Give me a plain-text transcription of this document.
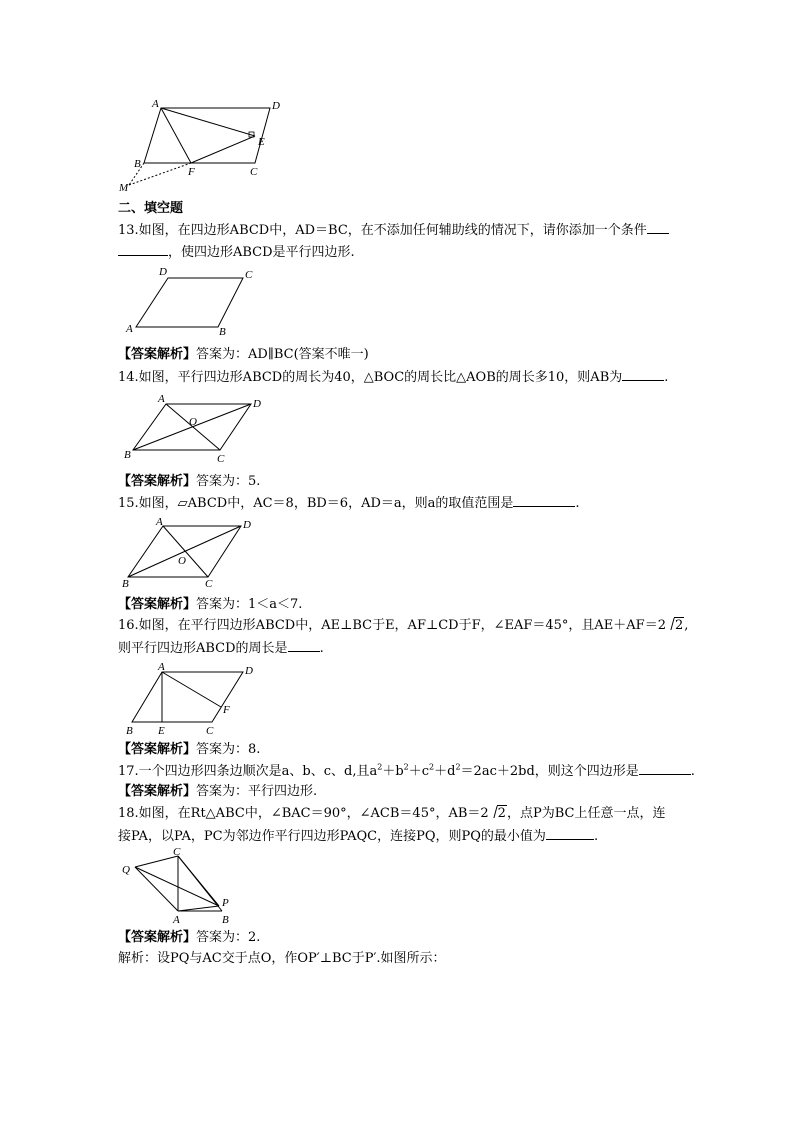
A	D
E
C
B
F
M
二、填空题
13.如图，在四边形ABCD中，AD＝BC，在不添加任何辅助线的情况下，请你添加一个条件
，使四边形ABCD是平行四边形.
D	C
A	B
【答案解析】答案为：AD∥BC(答案不唯一)
14.如图，平行四边形ABCD的周长为40，△BOC的周长比△AOB的周长多10，则AB为	.
A	D
O
B	C
【答案解析】答案为：5.
15.如图，▱ABCD中，AC＝8，BD＝6，AD＝a，则a的取值范围是	.
A	D
O
B	C
【答案解析】答案为：1＜a＜7.
16.如图，在平行四边形ABCD中，AE⊥BC于E，AF⊥CD于F，∠EAF＝45°，且AE＋AF＝2 2,
则平行四边形ABCD的周长是 .
A	D
F
B E	C
【答案解析】答案为：8.
17.一个四边形四条边顺次是a、b、c、d,且$a^2+b^2+c^2+d^2=2ac+2bd$，则这个四边形是	.
【答案解析】答案为：平行四边形.
18.如图，在Rt△ABC中，∠BAC＝90°，∠ACB＝45°，AB＝2 2，点P为BC上任意一点，连
接PA，以PA，PC为邻边作平行四边形PAQC，连接PQ，则PQ的最小值为	.
Q
C
P
A	B
【答案解析】答案为：2.
解析：设PQ与AC交于点O，作OP′⊥BC于P′.如图所示：
